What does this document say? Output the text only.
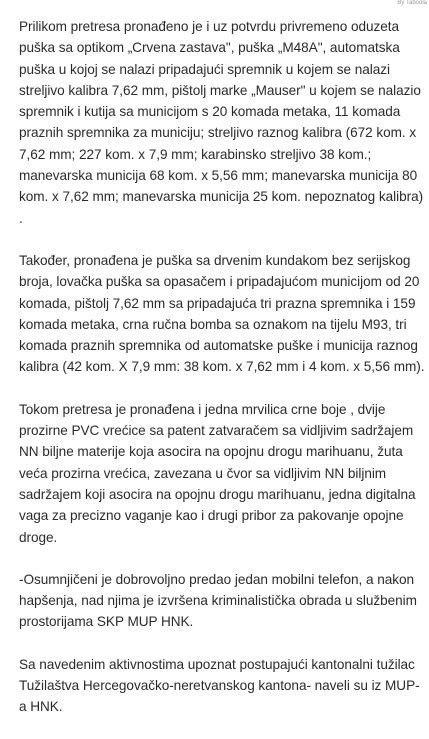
By Taboola

Prilikom pretresa pronađeno je i uz potvrdu privremeno oduzeta puška sa optikom „Crvena zastava", puška „M48A", automatska puška u kojoj se nalazi pripadajući spremnik u kojem se nalazi streljivo kalibra 7,62 mm, pištolj marke „Mauser" u kojem se nalazio spremnik i kutija sa municijom s 20 komada metaka, 11 komada praznih spremnika za municiju; streljivo raznog kalibra (672 kom. x 7,62 mm; 227 kom. x 7,9 mm; karabinsko streljivo 38 kom.; manevarska municija 68 kom. x 5,56 mm; manevarska municija 80 kom. x 7,62 mm; manevarska municija 25 kom. nepoznatog kalibra) .

Također, pronađena je puška sa drvenim kundakom bez serijskog broja, lovačka puška sa opasačem i pripadajućom municijom od 20 komada, pištolj 7,62 mm sa pripadajuća tri prazna spremnika i 159 komada metaka, crna ručna bomba sa oznakom na tijelu M93, tri komada praznih spremnika od automatske puške i municija raznog kalibra (42 kom. X 7,9 mm: 38 kom. x 7,62 mm i 4 kom. x 5,56 mm).

Tokom pretresa je pronađena i jedna mrvilica crne boje , dvije prozirne PVC vrećice sa patent zatvaračem sa vidljivim sadržajem NN biljne materije koja asocira na opojnu drogu marihuanu, žuta veća prozirna vrećica, zavezana u čvor sa vidljivim NN biljnim sadržajem koji asocira na opojnu drogu marihuanu, jedna digitalna vaga za precizno vaganje kao i drugi pribor za pakovanje opojne droge.

-Osumnjičeni je dobrovoljno predao jedan mobilni telefon, a nakon hapšenja, nad njima je izvršena kriminalistička obrada u službenim prostorijama SKP MUP HNK.

Sa navedenim aktivnostima upoznat postupajući kantonalni tužilac Tužilaštva Hercegovačko-neretvanskog kantona- naveli su iz MUP-a HNK.
